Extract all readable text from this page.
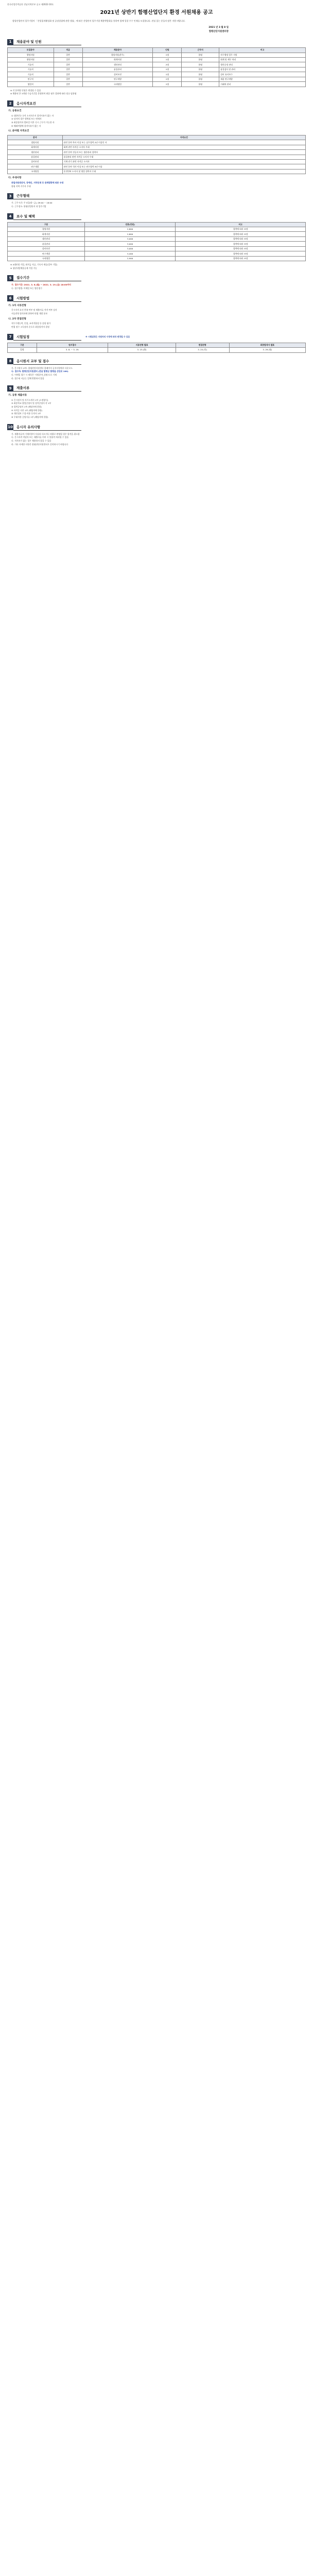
한국산업인력공단 전남지역본부 공고 제2022-10호
2021년 상반기 함평산업단지 환경 서원채용 공고
함평산업단지 입주기업이 「산업집적활성화 및 공장설립에 관한 법률」에 따른 산업단지 입주기업 채용박람회를 통하여 함께 일할 우수 인재를 모집합니다. 관심 있는 분들의 많은 지원 바랍니다.
2021 년 3 월 8 일
함평산단지원센터장
1	채용분야 및 인원
모집분야	직급	채용분야	인원	근무지	비고
행정지원	일반	경영지원(총무)	1명	함평	사무행정 업무 지원
행정지원	일반	회계지원	1명	함평	회계 및 세무 처리
기술직	일반	생산관리	2명	함평	생산공정 관리
기술직	일반	품질관리	1명	함평	품질검사 및 관리
기술직	일반	설비보전	1명	함평	설비 유지보수
연구직	일반	연구개발	1명	함평	제품 연구개발
영업직	일반	국내영업	1명	함평	거래처 관리
※ 각 분야별 인원은 변경될 수 있음
※ 채용된 후 3개월 수습기간을 운영하며 최종 평가 결과에 따라 정규 임용됨
2	응시자격요건
가. 공통요건
① 대한민국 국적 소지자로서 결격사유가 없는 자
② 남자의 경우 병역필 또는 면제자
③ 최종합격자 발표일 이후 즉시 근무가 가능한 자
④ 해외여행에 결격사유가 없는 자
나. 분야별 자격요건
분야	자격요건
경영지원	관련 분야 학사 이상 또는 실무경력 2년 이상인 자
회계지원	회계 관련 자격증 소지자 우대
생산관리	관련 분야 전공자 또는 생산관리 경력자
품질관리	품질관리 관련 자격증 소지자 우대
설비보전	기계·전기 관련 자격증 소지자
연구개발	관련 분야 석사 이상 또는 연구경력 3년 이상
국내영업	운전면허 소지자 및 영업 경력자 우대
다. 우대사항
취업지원대상자, 장애인, 지역인재 등 관계법령에 따른 우대
함평 지역 거주자 우대
3	근무형태
가. 근무시간: 주 5일(월~금), 09:00 ~ 18:00
나. 근무장소: 함평산업단지 내 입주기업
4	보수 및 혜택
구분	연봉(만원)	비고
경영지원	2,800	경력에 따라 조정
회계지원	2,800	경력에 따라 조정
생산관리	3,000	경력에 따라 조정
품질관리	3,000	경력에 따라 조정
설비보전	3,000	경력에 따라 조정
연구개발	3,400	경력에 따라 조정
국내영업	2,900	경력에 따라 조정
※ 4대보험 가입, 퇴직금 지급, 기숙사 제공(일부 기업)
※ 청년내일채움공제 가입 가능
5	접수기간
가. 접수기간: 2021. 3. 8.(월) ~ 2021. 3. 19.(금) 18:00까지
나. 접수방법: 이메일 또는 방문접수
6	시험방법
가. 1차 서류전형
응시자격 요건 충족 여부 및 제출서류 적격 여부 심사
서류전형 합격자에 한하여 면접 개별 통보
나. 2차 면접전형
직무수행능력, 인성, 조직적합성 등 종합 평가
면접 점수 고득점자 순으로 최종합격자 결정
7	시험일정	※ 시험일정은 지원자의 사정에 따라 변경될 수 있음
구분	원서접수	서류전형 발표	면접전형	최종합격자 발표
일정	3. 8. ~ 3. 19.	3. 23.(화)	3. 25.(목)	3. 29.(월)
8	응시원서 교부 및 접수
가. 응시원서 교부: 함평산단지원센터 홈페이지 공지사항에서 다운로드
나. 접수처: 함평산단지원센터 (전남 함평군 함평읍 산단로 100)
다. 이메일 접수 시 제목은 '지원분야_성명'으로 기재
라. 접수된 서류는 일체 반환하지 않음
9	제출서류
가. 공통 제출서류
① 응시원서 및 자기소개서 1부 (소정양식)
② 최종학교 졸업증명서 및 성적증명서 각 1부
③ 경력증명서 1부 (해당자에 한함)
④ 자격증 사본 1부 (해당자에 한함)
⑤ 개인정보 수집·이용 동의서 1부
⑥ 우대사항 증빙서류 1부 (해당자에 한함)
10	응시자 유의사항
가. 제출서류의 기재사항이 사실과 다르거나 허위로 판명될 경우 합격을 취소함
나. 응시자격 미달자 또는 제출서류 미비 시 불합격 처리될 수 있음
다. 적격자가 없는 경우 채용하지 않을 수 있음
라. 기타 자세한 사항은 함평산단지원센터로 문의하시기 바랍니다
